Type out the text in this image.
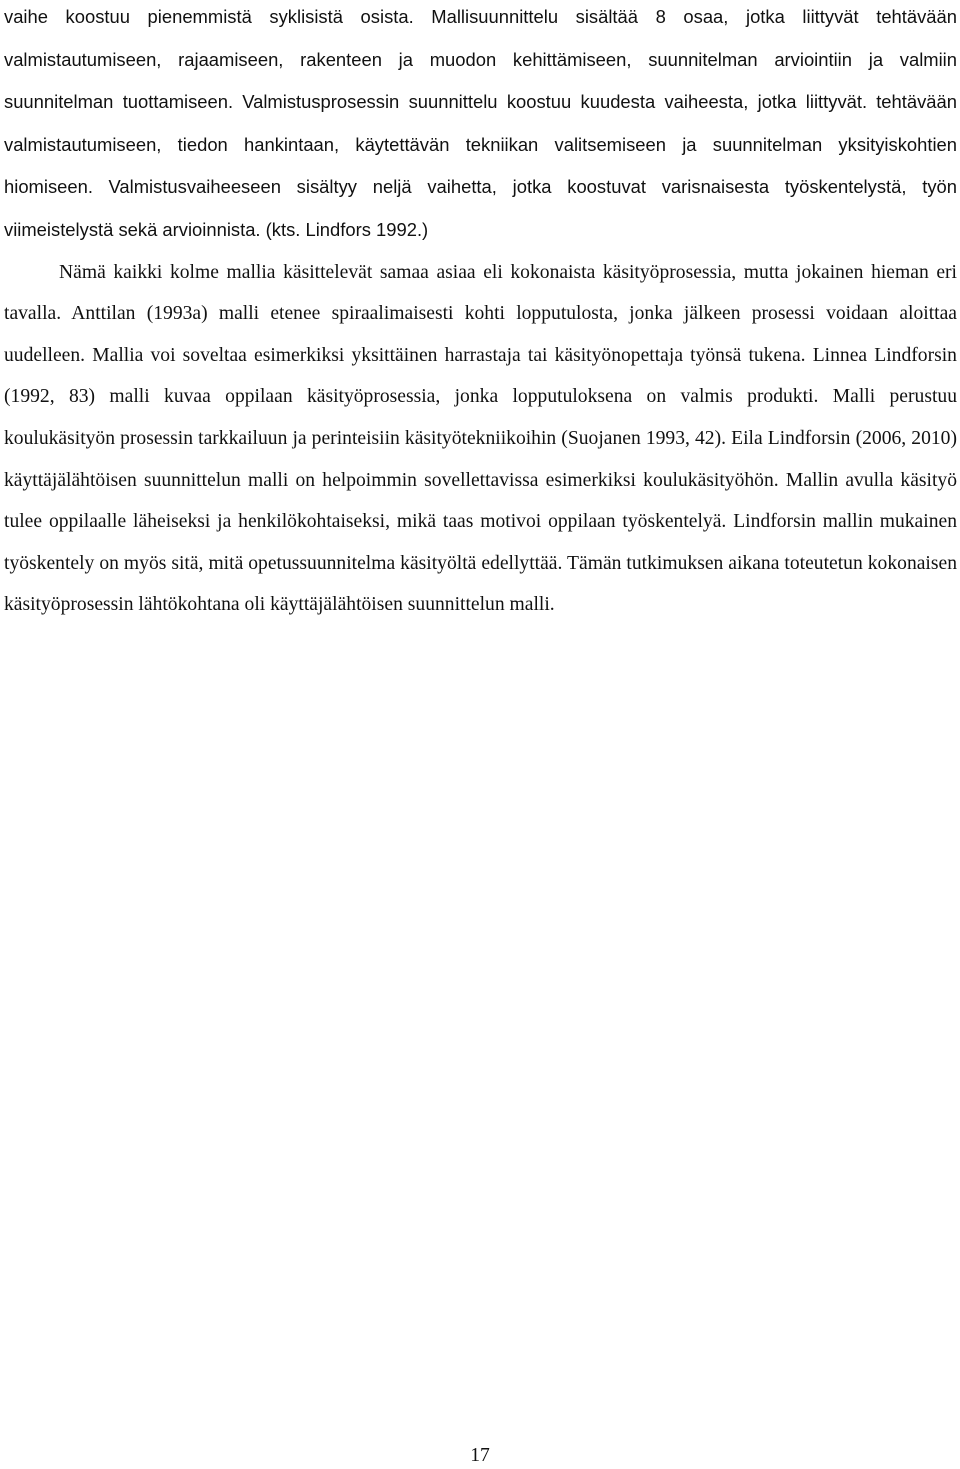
vaihe koostuu pienemmistä syklisistä osista. Mallisuunnittelu sisältää 8 osaa, jotka liittyvät tehtävään valmistautumiseen, rajaamiseen, rakenteen ja muodon kehittämiseen, suunnitelman arviointiin ja valmiin suunnitelman tuottamiseen. Valmistusprosessin suunnittelu koostuu kuudesta vaiheesta, jotka liittyvät. tehtävään valmistautumiseen, tiedon hankintaan, käytettävän tekniikan valitsemiseen ja suunnitelman yksityiskohtien hiomiseen. Valmistusvaiheeseen sisältyy neljä vaihetta, jotka koostuvat varisnaisesta työskentelystä, työn viimeistelystä sekä arvioinnista. (kts. Lindfors 1992.)

Nämä kaikki kolme mallia käsittelevät samaa asiaa eli kokonaista käsityöprosessia, mutta jokainen hieman eri tavalla. Anttilan (1993a) malli etenee spiraalimaisesti kohti lopputulosta, jonka jälkeen prosessi voidaan aloittaa uudelleen. Mallia voi soveltaa esimerkiksi yksittäinen harrastaja tai käsityönopettaja työnsä tukena. Linnea Lindforsin (1992, 83) malli kuvaa oppilaan käsityöprosessia, jonka lopputuloksena on valmis produkti. Malli perustuu koulukäsityön prosessin tarkkailuun ja perinteisiin käsityötekniikoihin (Suojanen 1993, 42). Eila Lindforsin (2006, 2010) käyttäjälähtöisen suunnittelun malli on helpoimmin sovellettavissa esimerkiksi koulukäsityöhön. Mallin avulla käsityö tulee oppilaalle läheiseksi ja henkilökohtaiseksi, mikä taas motivoi oppilaan työskentelyä. Lindforsin mallin mukainen työskentely on myös sitä, mitä opetussuunnitelma käsityöltä edellyttää. Tämän tutkimuksen aikana toteutetun kokonaisen käsityöprosessin lähtökohtana oli käyttäjälähtöisen suunnittelun malli.

17
